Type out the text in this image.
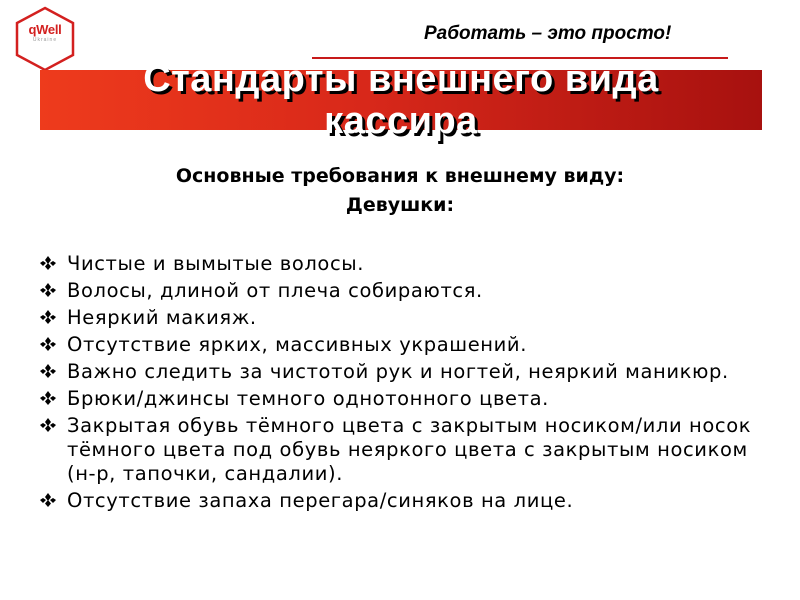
qWell
Ukraine	Работать – это просто!
Стандарты внешнего вида
кассира

Основные требования к внешнему виду:

Девушки:

Чистые и вымытые волосы.
Волосы, длиной от плеча собираются.
Неяркий макияж.
Отсутствие ярких, массивных украшений.
Важно следить за чистотой рук и ногтей, неяркий маникюр.
Брюки/джинсы темного однотонного цвета.
Закрытая обувь тёмного цвета с закрытым носиком/или носок тёмного цвета под обувь неяркого цвета с закрытым носиком (н-р, тапочки, сандалии).
Отсутствие запаха перегара/синяков на лице.
